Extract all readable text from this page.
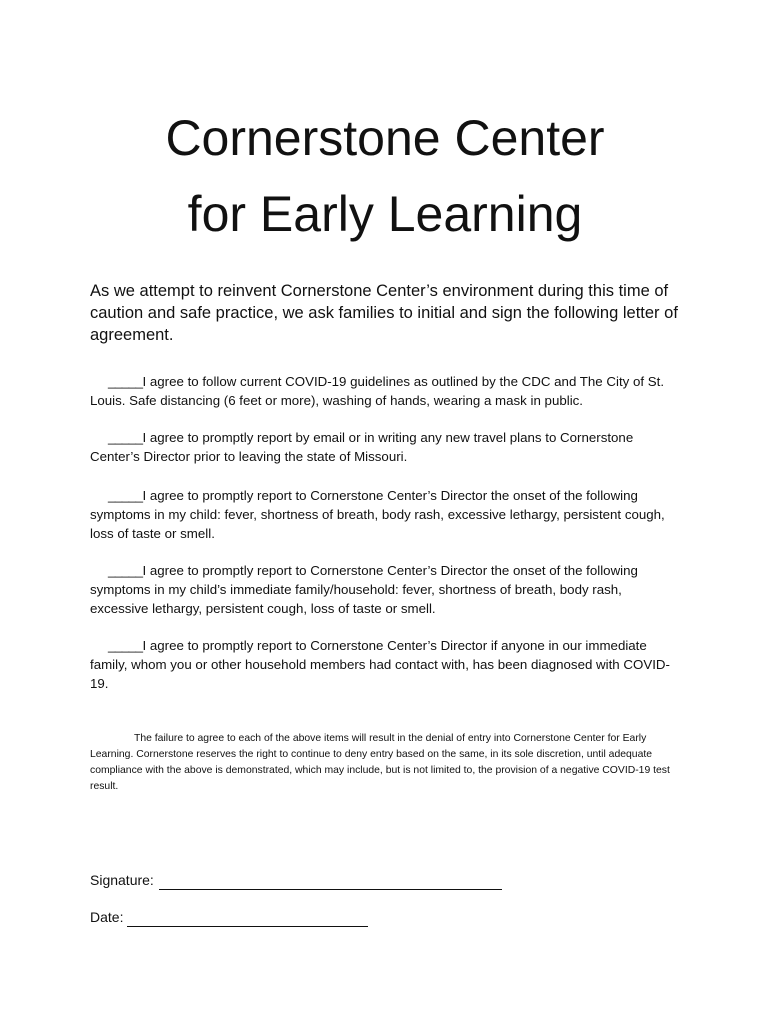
Cornerstone Center
for Early Learning

As we attempt to reinvent Cornerstone Center’s environment during this time of caution and safe practice, we ask families to initial and sign the following letter of agreement.

_____I agree to follow current COVID-19 guidelines as outlined by the CDC and The City of St. Louis. Safe distancing (6 feet or more), washing of hands, wearing a mask in public.

_____I agree to promptly report by email or in writing any new travel plans to Cornerstone Center’s Director prior to leaving the state of Missouri.

_____I agree to promptly report to Cornerstone Center’s Director the onset of the following symptoms in my child: fever, shortness of breath, body rash, excessive lethargy, persistent cough, loss of taste or smell.

_____I agree to promptly report to Cornerstone Center’s Director the onset of the following symptoms in my child’s immediate family/household: fever, shortness of breath, body rash, excessive lethargy, persistent cough, loss of taste or smell.

_____I agree to promptly report to Cornerstone Center’s Director if anyone in our immediate family, whom you or other household members had contact with, has been diagnosed with COVID-19.

The failure to agree to each of the above items will result in the denial of entry into Cornerstone Center for Early Learning. Cornerstone reserves the right to continue to deny entry based on the same, in its sole discretion, until adequate compliance with the above is demonstrated, which may include, but is not limited to, the provision of a negative COVID-19 test result.

Signature:
Date:
